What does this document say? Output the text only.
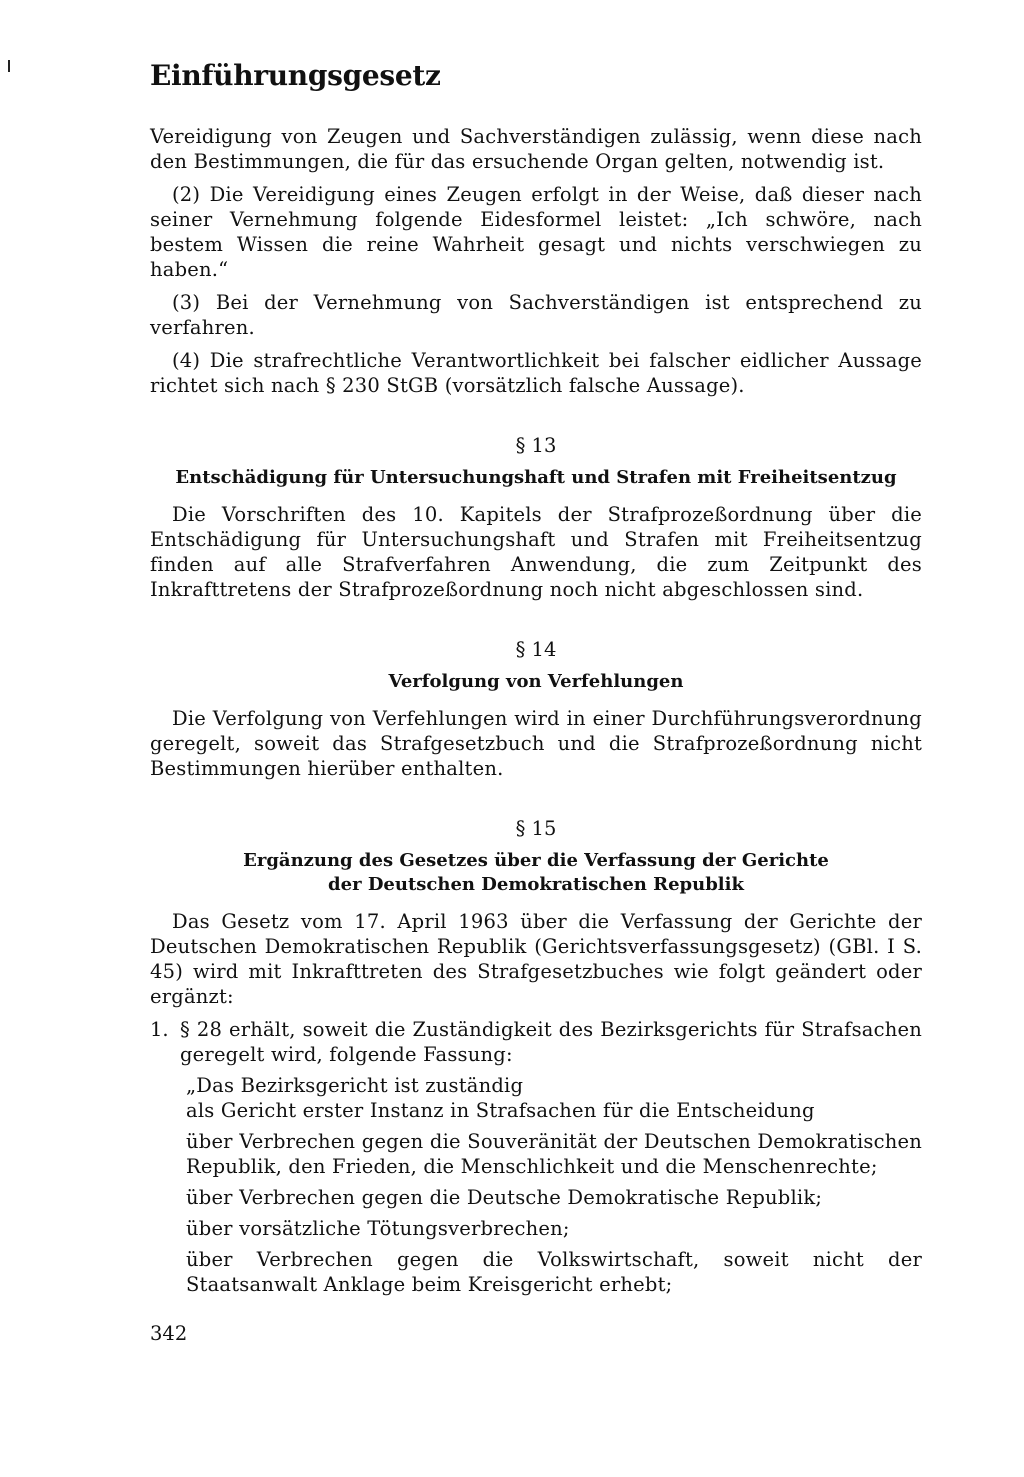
Einführungsgesetz

Vereidigung von Zeugen und Sachverständigen zulässig, wenn diese nach den Bestimmungen, die für das ersuchende Organ gelten, notwendig ist.

(2) Die Vereidigung eines Zeugen erfolgt in der Weise, daß dieser nach seiner Vernehmung folgende Eidesformel leistet: „Ich schwöre, nach bestem Wissen die reine Wahrheit gesagt und nichts verschwiegen zu haben.“

(3) Bei der Vernehmung von Sachverständigen ist entsprechend zu verfahren.

(4) Die strafrechtliche Verantwortlichkeit bei falscher eidlicher Aussage richtet sich nach § 230 StGB (vorsätzlich falsche Aussage).

§ 13
Entschädigung für Untersuchungshaft und Strafen mit Freiheitsentzug

Die Vorschriften des 10. Kapitels der Strafprozeßordnung über die Entschädigung für Untersuchungshaft und Strafen mit Freiheitsentzug finden auf alle Strafverfahren Anwendung, die zum Zeitpunkt des Inkrafttretens der Strafprozeßordnung noch nicht abgeschlossen sind.

§ 14
Verfolgung von Verfehlungen

Die Verfolgung von Verfehlungen wird in einer Durchführungsverordnung geregelt, soweit das Strafgesetzbuch und die Strafprozeßordnung nicht Bestimmungen hierüber enthalten.

§ 15
Ergänzung des Gesetzes über die Verfassung der Gerichte
der Deutschen Demokratischen Republik

Das Gesetz vom 17. April 1963 über die Verfassung der Gerichte der Deutschen Demokratischen Republik (Gerichtsverfassungsgesetz) (GBl. I S. 45) wird mit Inkrafttreten des Strafgesetzbuches wie folgt geändert oder ergänzt:

1. § 28 erhält, soweit die Zuständigkeit des Bezirksgerichts für Strafsachen geregelt wird, folgende Fassung:

„Das Bezirksgericht ist zuständig

als Gericht erster Instanz in Strafsachen für die Entscheidung

über Verbrechen gegen die Souveränität der Deutschen Demokratischen Republik, den Frieden, die Menschlichkeit und die Menschenrechte;

über Verbrechen gegen die Deutsche Demokratische Republik;

über vorsätzliche Tötungsverbrechen;

über Verbrechen gegen die Volkswirtschaft, soweit nicht der Staatsanwalt Anklage beim Kreisgericht erhebt;

342
